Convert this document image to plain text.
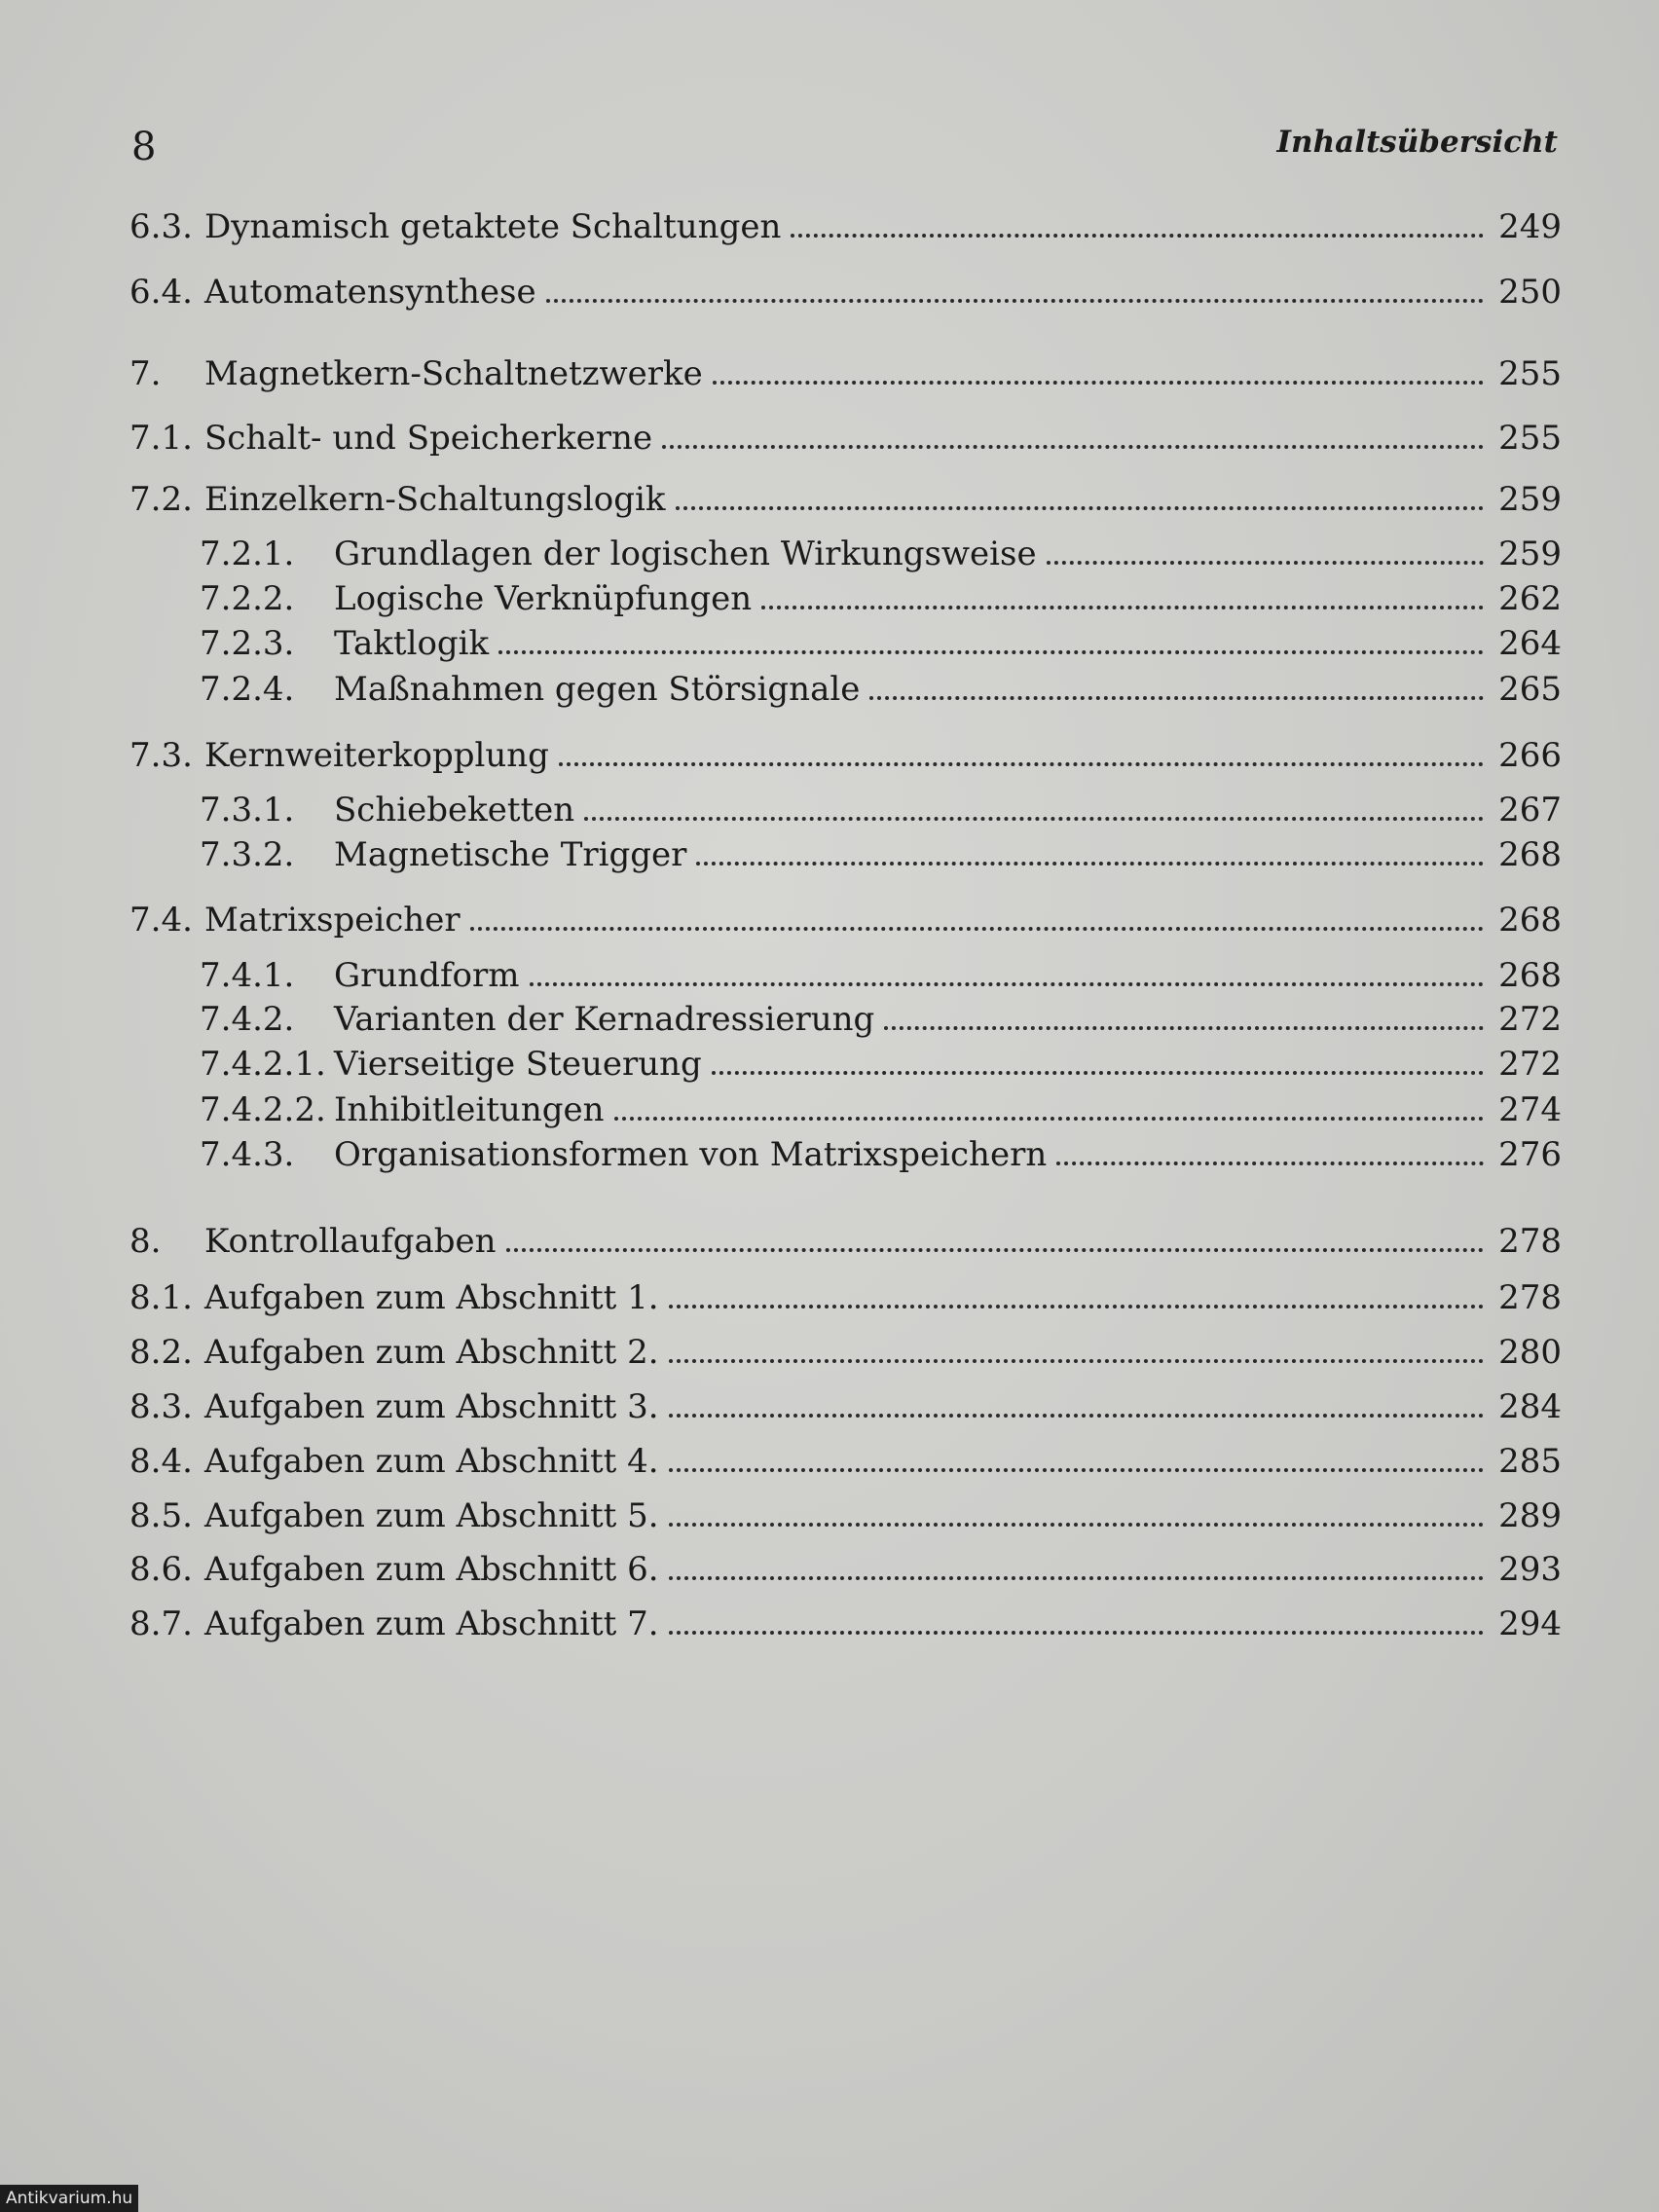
8	Inhaltsübersicht
6.3. Dynamisch getaktete Schaltungen	249
6.4. Automatensynthese	250
7.	Magnetkern-Schaltnetzwerke	255
7.1. Schalt- und Speicherkerne	255
7.2. Einzelkern-Schaltungslogik	259
7.2.1.	Grundlagen der logischen Wirkungsweise	259
7.2.2.	Logische Verknüpfungen	262
7.2.3.	Taktlogik	264
7.2.4.	Maßnahmen gegen Störsignale	265
7.3. Kernweiterkopplung	266
7.3.1.	Schiebeketten	267
7.3.2.	Magnetische Trigger	268
7.4. Matrixspeicher	268
7.4.1.	Grundform	268
7.4.2.	Varianten der Kernadressierung	272
7.4.2.1. Vierseitige Steuerung	272
7.4.2.2. Inhibitleitungen	274
7.4.3.	Organisationsformen von Matrixspeichern	276
8.	Kontrollaufgaben	278
8.1. Aufgaben zum Abschnitt 1.	278
8.2. Aufgaben zum Abschnitt 2.	280
8.3. Aufgaben zum Abschnitt 3.	284
8.4. Aufgaben zum Abschnitt 4.	285
8.5. Aufgaben zum Abschnitt 5.	289
8.6. Aufgaben zum Abschnitt 6.	293
8.7. Aufgaben zum Abschnitt 7.	294
Antikvarium.hu
